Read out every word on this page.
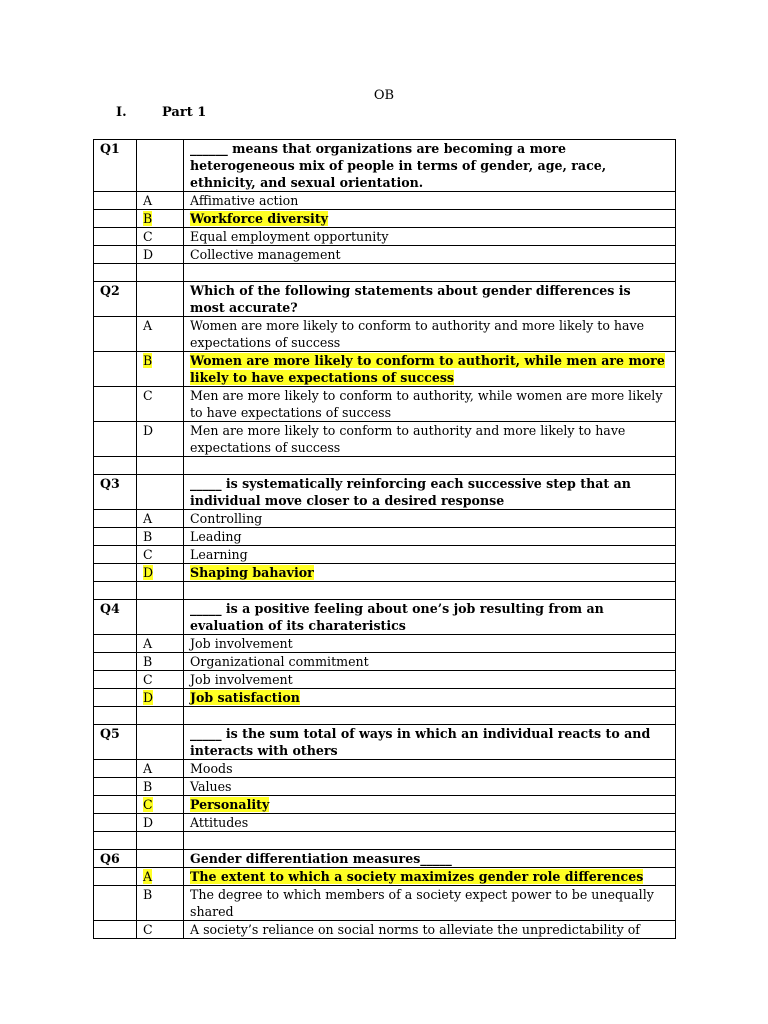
OB
I.	Part 1
Q1		______ means that organizations are becoming a more heterogeneous mix of people in terms of gender, age, race, ethnicity, and sexual orientation.
	A	Affimative action
	B	Workforce diversity
	C	Equal employment opportunity
	D	Collective management

Q2		Which of the following statements about gender differences is most accurate?
	A	Women are more likely to conform to authority and more likely to have expectations of success
	B	Women are more likely to conform to authorit, while men are more likely to have expectations of success
	C	Men are more likely to conform to authority, while women are more likely to have expectations of success
	D	Men are more likely to conform to authority and more likely to have expectations of success

Q3		_____ is systematically reinforcing each successive step that an individual move closer to a desired response
	A	Controlling
	B	Leading
	C	Learning
	D	Shaping bahavior

Q4		_____ is a positive feeling about one’s job resulting from an evaluation of its charateristics
	A	Job involvement
	B	Organizational commitment
	C	Job involvement
	D	Job satisfaction

Q5		_____ is the sum total of ways in which an individual reacts to and interacts with others
	A	Moods
	B	Values
	C	Personality
	D	Attitudes

Q6		Gender differentiation measures_____
	A	The extent to which a society maximizes gender role differences
	B	The degree to which members of a society expect power to be unequally shared
	C	A society’s reliance on social norms to alleviate the unpredictability of
